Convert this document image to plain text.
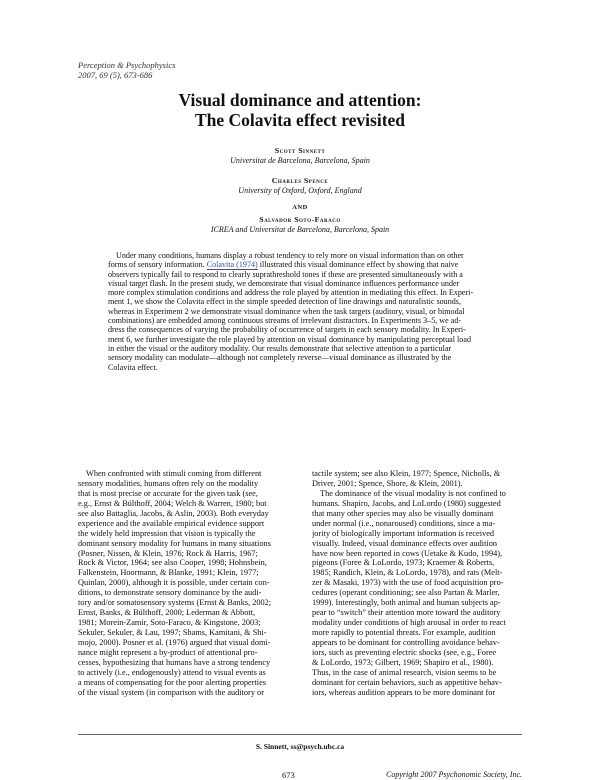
Perception & Psychophysics
2007, 69 (5), 673-686
Visual dominance and attention:
The Colavita effect revisited
Scott Sinnett
Universitat de Barcelona, Barcelona, Spain
Charles Spence
University of Oxford, Oxford, England
AND
Salvador Soto-Faraco
ICREA and Universitat de Barcelona, Barcelona, Spain
Under many conditions, humans display a robust tendency to rely more on visual information than on other
forms of sensory information. Colavita (1974) illustrated this visual dominance effect by showing that naive
observers typically fail to respond to clearly suprathreshold tones if these are presented simultaneously with a
visual target flash. In the present study, we demonstrate that visual dominance influences performance under
more complex stimulation conditions and address the role played by attention in mediating this effect. In Experi-
ment 1, we show the Colavita effect in the simple speeded detection of line drawings and naturalistic sounds,
whereas in Experiment 2 we demonstrate visual dominance when the task targets (auditory, visual, or bimodal
combinations) are embedded among continuous streams of irrelevant distractors. In Experiments 3–5, we ad-
dress the consequences of varying the probability of occurrence of targets in each sensory modality. In Experi-
ment 6, we further investigate the role played by attention on visual dominance by manipulating perceptual load
in either the visual or the auditory modality. Our results demonstrate that selective attention to a particular
sensory modality can modulate—although not completely reverse—visual dominance as illustrated by the
Colavita effect.
When confronted with stimuli coming from different
sensory modalities, humans often rely on the modality
that is most precise or accurate for the given task (see,
e.g., Ernst & Bülthoff, 2004; Welch & Warren, 1980; but
see also Battaglia, Jacobs, & Aslin, 2003). Both everyday
experience and the available empirical evidence support
the widely held impression that vision is typically the
dominant sensory modality for humans in many situations
(Posner, Nissen, & Klein, 1976; Rock & Harris, 1967;
Rock & Victor, 1964; see also Cooper, 1998; Hohnsbein,
Falkenstein, Hoormann, & Blanke, 1991; Klein, 1977;
Quinlan, 2000), although it is possible, under certain con-
ditions, to demonstrate sensory dominance by the audi-
tory and/or somatosensory systems (Ernst & Banks, 2002;
Ernst, Banks, & Bülthoff, 2000; Lederman & Abbott,
1981; Morein-Zamir, Soto-Faraco, & Kingstone, 2003;
Sekuler, Sekuler, & Lau, 1997; Shams, Kamitani, & Shi-
mojo, 2000). Posner et al. (1976) argued that visual domi-
nance might represent a by-product of attentional pro-
cesses, hypothesizing that humans have a strong tendency
to actively (i.e., endogenously) attend to visual events as
a means of compensating for the poor alerting properties
of the visual system (in comparison with the auditory or
tactile system; see also Klein, 1977; Spence, Nicholls, &
Driver, 2001; Spence, Shore, & Klein, 2001).
The dominance of the visual modality is not confined to
humans. Shapiro, Jacobs, and LoLordo (1980) suggested
that many other species may also be visually dominant
under normal (i.e., nonaroused) conditions, since a ma-
jority of biologically important information is received
visually. Indeed, visual dominance effects over audition
have now been reported in cows (Uetake & Kudo, 1994),
pigeons (Foree & LoLordo, 1973; Kraemer & Roberts,
1985; Randich, Klein, & LoLordo, 1978), and rats (Melt-
zer & Masaki, 1973) with the use of food acquisition pro-
cedures (operant conditioning; see also Partan & Marler,
1999). Interestingly, both animal and human subjects ap-
pear to “switch” their attention more toward the auditory
modality under conditions of high arousal in order to react
more rapidly to potential threats. For example, audition
appears to be dominant for controlling avoidance behav-
iors, such as preventing electric shocks (see, e.g., Foree
& LoLordo, 1973; Gilbert, 1969; Shapiro et al., 1980).
Thus, in the case of animal research, vision seems to be
dominant for certain behaviors, such as appetitive behav-
iors, whereas audition appears to be more dominant for
S. Sinnett, ss@psych.ubc.ca
673	Copyright 2007 Psychonomic Society, Inc.
